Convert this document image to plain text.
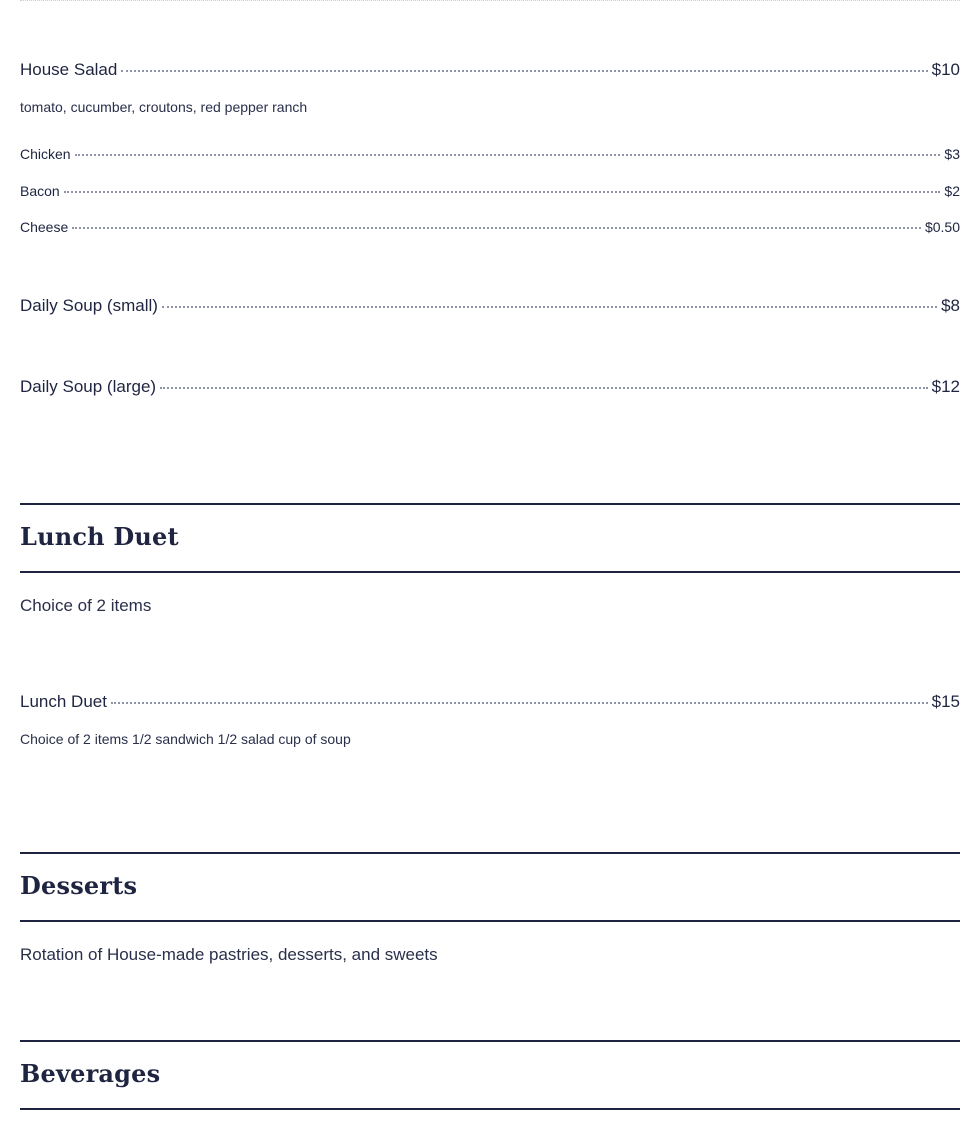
House Salad	$10
tomato, cucumber, croutons, red pepper ranch
Chicken	$3
Bacon	$2
Cheese	$0.50
Daily Soup (small)	$8
Daily Soup (large)	$12
Lunch Duet
Choice of 2 items
Lunch Duet	$15
Choice of 2 items 1/2 sandwich 1/2 salad cup of soup
Desserts
Rotation of House-made pastries, desserts, and sweets
Beverages
